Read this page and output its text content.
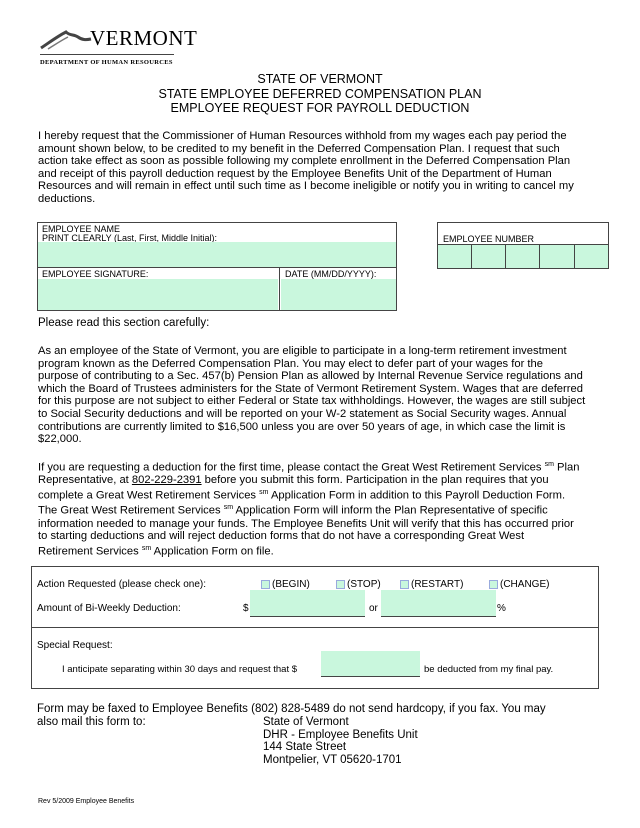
VERMONT
DEPARTMENT OF HUMAN RESOURCES
STATE OF VERMONT
STATE EMPLOYEE DEFERRED COMPENSATION PLAN
EMPLOYEE REQUEST FOR PAYROLL DEDUCTION
I hereby request that the Commissioner of Human Resources withhold from my wages each pay period the
amount shown below, to be credited to my benefit in the Deferred Compensation Plan. I request that such
action take effect as soon as possible following my complete enrollment in the Deferred Compensation Plan
and receipt of this payroll deduction request by the Employee Benefits Unit of the Department of Human
Resources and will remain in effect until such time as I become ineligible or notify you in writing to cancel my
deductions.
EMPLOYEE NAME
PRINT CLEARLY (Last, First, Middle Initial):
EMPLOYEE SIGNATURE:	DATE (MM/DD/YYYY):
EMPLOYEE NUMBER
Please read this section carefully:
As an employee of the State of Vermont, you are eligible to participate in a long-term retirement investment
program known as the Deferred Compensation Plan. You may elect to defer part of your wages for the
purpose of contributing to a Sec. 457(b) Pension Plan as allowed by Internal Revenue Service regulations and
which the Board of Trustees administers for the State of Vermont Retirement System. Wages that are deferred
for this purpose are not subject to either Federal or State tax withholdings. However, the wages are still subject
to Social Security deductions and will be reported on your W-2 statement as Social Security wages. Annual
contributions are currently limited to $16,500 unless you are over 50 years of age, in which case the limit is
$22,000.
If you are requesting a deduction for the first time, please contact the Great West Retirement Services $^{sm}$ Plan
Representative, at 802-229-2391 before you submit this form. Participation in the plan requires that you
complete a Great West Retirement Services $^{sm}$ Application Form in addition to this Payroll Deduction Form.
The Great West Retirement Services $^{sm}$ Application Form will inform the Plan Representative of specific
information needed to manage your funds. The Employee Benefits Unit will verify that this has occurred prior
to starting deductions and will reject deduction forms that do not have a corresponding Great West
Retirement Services $^{sm}$ Application Form on file.
Action Requested (please check one):	(BEGIN)	(STOP)	(RESTART)	(CHANGE)
Amount of Bi-Weekly Deduction:	$	or	%
Special Request:
I anticipate separating within 30 days and request that $	be deducted from my final pay.
Form may be faxed to Employee Benefits (802) 828-5489 do not send hardcopy, if you fax. You may
also mail this form to:	State of Vermont
DHR - Employee Benefits Unit
144 State Street
Montpelier, VT 05620-1701
Rev 5/2009 Employee Benefits
